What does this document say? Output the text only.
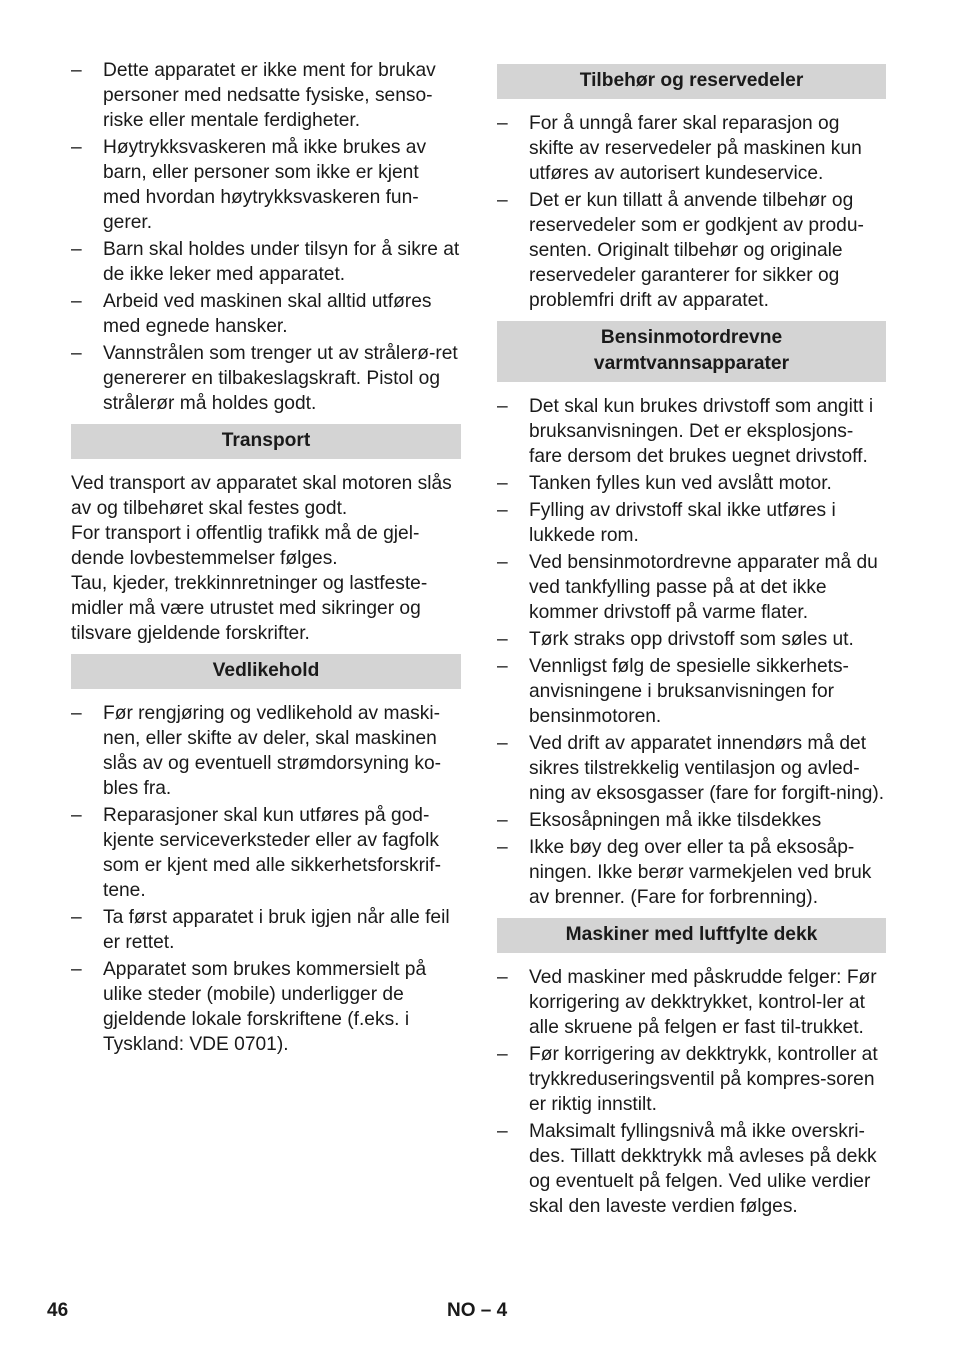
–	Dette apparatet er ikke ment for brukav personer med nedsatte fysiske, senso-riske eller mentale ferdigheter.
–	Høytrykksvaskeren må ikke brukes av barn, eller personer som ikke er kjent med hvordan høytrykksvaskeren fun-gerer.
–	Barn skal holdes under tilsyn for å sikre at de ikke leker med apparatet.
–	Arbeid ved maskinen skal alltid utføres med egnede hansker.
–	Vannstrålen som trenger ut av strålerø-ret genererer en tilbakeslagskraft. Pistol og strålerør må holdes godt.
Transport

Ved transport av apparatet skal motoren slås av og tilbehøret skal festes godt.

For transport i offentlig trafikk må de gjel-dende lovbestemmelser følges.

Tau, kjeder, trekkinnretninger og lastfeste-midler må være utrustet med sikringer og tilsvare gjeldende forskrifter.

Vedlikehold
–	Før rengjøring og vedlikehold av maski-nen, eller skifte av deler, skal maskinen slås av og eventuell strømdorsyning ko-bles fra.
–	Reparasjoner skal kun utføres på god-kjente serviceverksteder eller av fagfolk som er kjent med alle sikkerhetsforskrif-tene.
–	Ta først apparatet i bruk igjen når alle feil er rettet.
–	Apparatet som brukes kommersielt på ulike steder (mobile) underligger de gjeldende lokale forskriftene (f.eks. i Tyskland: VDE 0701).
Tilbehør og reservedeler
–	For å unngå farer skal reparasjon og skifte av reservedeler på maskinen kun utføres av autorisert kundeservice.
–	Det er kun tillatt å anvende tilbehør og reservedeler som er godkjent av produ-senten. Originalt tilbehør og originale reservedeler garanterer for sikker og problemfri drift av apparatet.
Bensinmotordrevne
varmtvannsapparater
–	Det skal kun brukes drivstoff som angitt i bruksanvisningen. Det er eksplosjons-fare dersom det brukes uegnet drivstoff.
–	Tanken fylles kun ved avslått motor.
–	Fylling av drivstoff skal ikke utføres i lukkede rom.
–	Ved bensinmotordrevne apparater må du ved tankfylling passe på at det ikke kommer drivstoff på varme flater.
–	Tørk straks opp drivstoff som søles ut.
–	Vennligst følg de spesielle sikkerhets-anvisningene i bruksanvisningen for bensinmotoren.
–	Ved drift av apparatet innendørs må det sikres tilstrekkelig ventilasjon og avled-ning av eksosgasser (fare for forgift-ning).
–	Eksosåpningen må ikke tilsdekkes
–	Ikke bøy deg over eller ta på eksosåp-ningen. Ikke berør varmekjelen ved bruk av brenner. (Fare for forbrenning).
Maskiner med luftfylte dekk
–	Ved maskiner med påskrudde felger: Før korrigering av dekktrykket, kontrol-ler at alle skruene på felgen er fast til-trukket.
–	Før korrigering av dekktrykk, kontroller at trykkreduseringsventil på kompres-soren er riktig innstilt.
–	Maksimalt fyllingsnivå må ikke overskri-des. Tillatt dekktrykk må avleses på dekk og eventuelt på felgen. Ved ulike verdier skal den laveste verdien følges.
46	NO – 4
